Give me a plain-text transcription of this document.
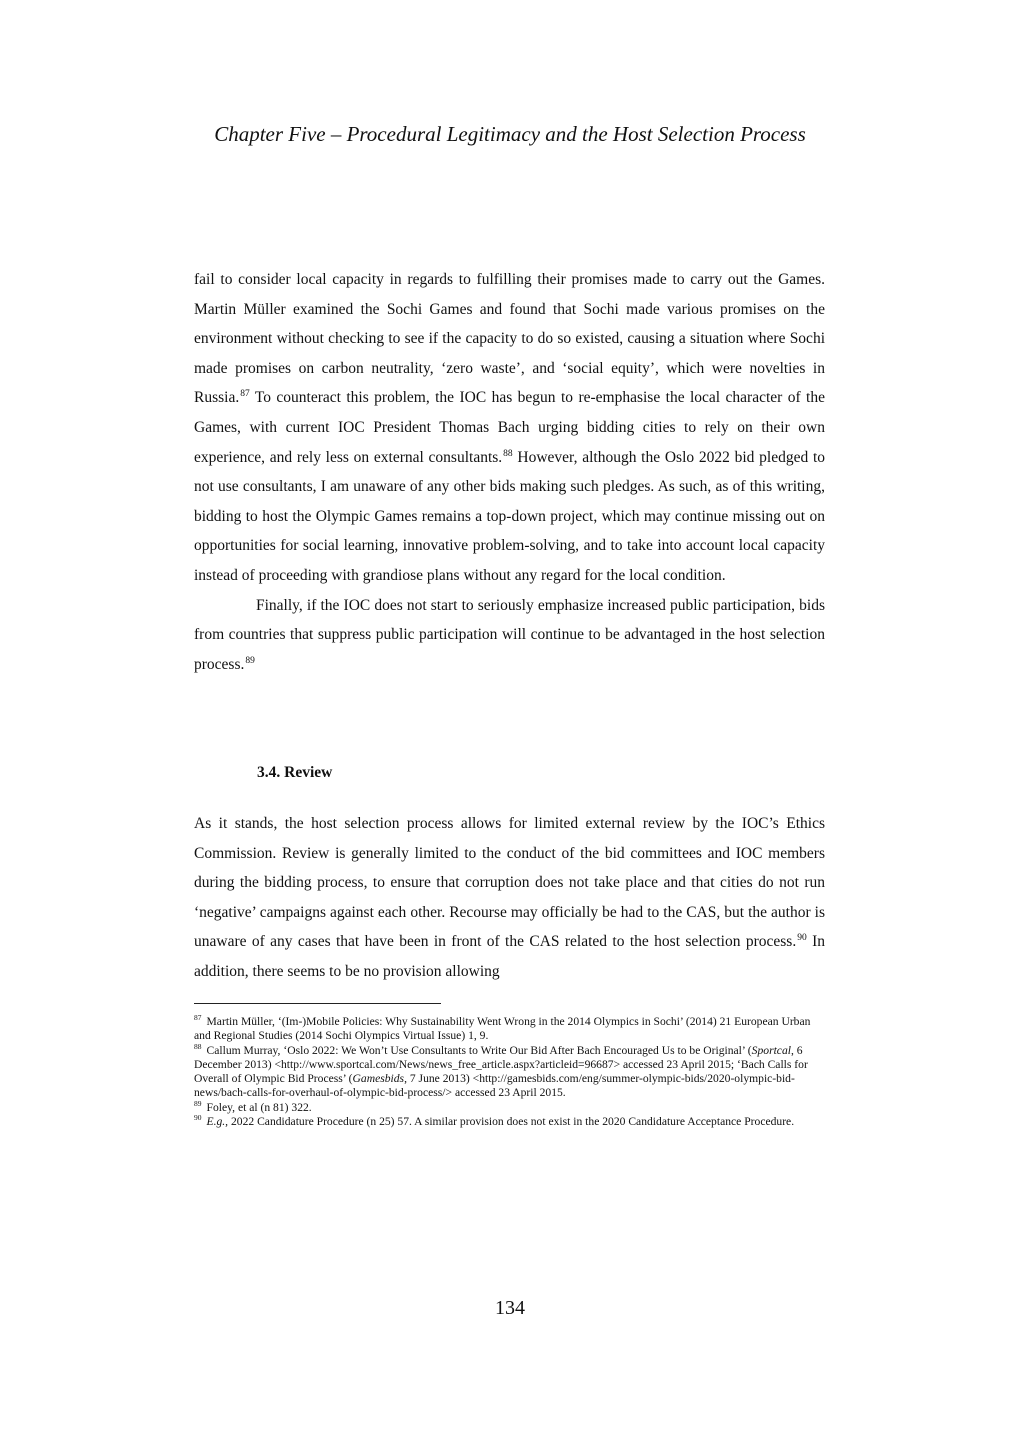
Chapter Five – Procedural Legitimacy and the Host Selection Process

fail to consider local capacity in regards to fulfilling their promises made to carry out the Games. Martin Müller examined the Sochi Games and found that Sochi made various promises on the environment without checking to see if the capacity to do so existed, causing a situation where Sochi made promises on carbon neutrality, ‘zero waste’, and ‘social equity’, which were novelties in Russia.$^{87}$ To counteract this problem, the IOC has begun to re-emphasise the local character of the Games, with current IOC President Thomas Bach urging bidding cities to rely on their own experience, and rely less on external consultants.$^{88}$ However, although the Oslo 2022 bid pledged to not use consultants, I am unaware of any other bids making such pledges. As such, as of this writing, bidding to host the Olympic Games remains a top-down project, which may continue missing out on opportunities for social learning, innovative problem-solving, and to take into account local capacity instead of proceeding with grandiose plans without any regard for the local condition.

Finally, if the IOC does not start to seriously emphasize increased public participation, bids from countries that suppress public participation will continue to be advantaged in the host selection process.$^{89}$

3.4. Review

As it stands, the host selection process allows for limited external review by the IOC’s Ethics Commission. Review is generally limited to the conduct of the bid committees and IOC members during the bidding process, to ensure that corruption does not take place and that cities do not run ‘negative’ campaigns against each other. Recourse may officially be had to the CAS, but the author is unaware of any cases that have been in front of the CAS related to the host selection process.$^{90}$ In addition, there seems to be no provision allowing

$^{87}$ Martin Müller, ‘(Im-)Mobile Policies: Why Sustainability Went Wrong in the 2014 Olympics in Sochi’ (2014) 21 European Urban and Regional Studies (2014 Sochi Olympics Virtual Issue) 1, 9.

$^{88}$ Callum Murray, ‘Oslo 2022: We Won’t Use Consultants to Write Our Bid After Bach Encouraged Us to be Original’ (Sportcal, 6 December 2013) <http://www.sportcal.com/News/news_free_article.aspx?articleid=96687> accessed 23 April 2015; ‘Bach Calls for Overall of Olympic Bid Process’ (Gamesbids, 7 June 2013) <http://gamesbids.com/eng/summer-olympic-bids/2020-olympic-bid-news/bach-calls-for-overhaul-of-olympic-bid-process/> accessed 23 April 2015.

$^{89}$ Foley, et al (n 81) 322.

$^{90}$ E.g., 2022 Candidature Procedure (n 25) 57. A similar provision does not exist in the 2020 Candidature Acceptance Procedure.

134
